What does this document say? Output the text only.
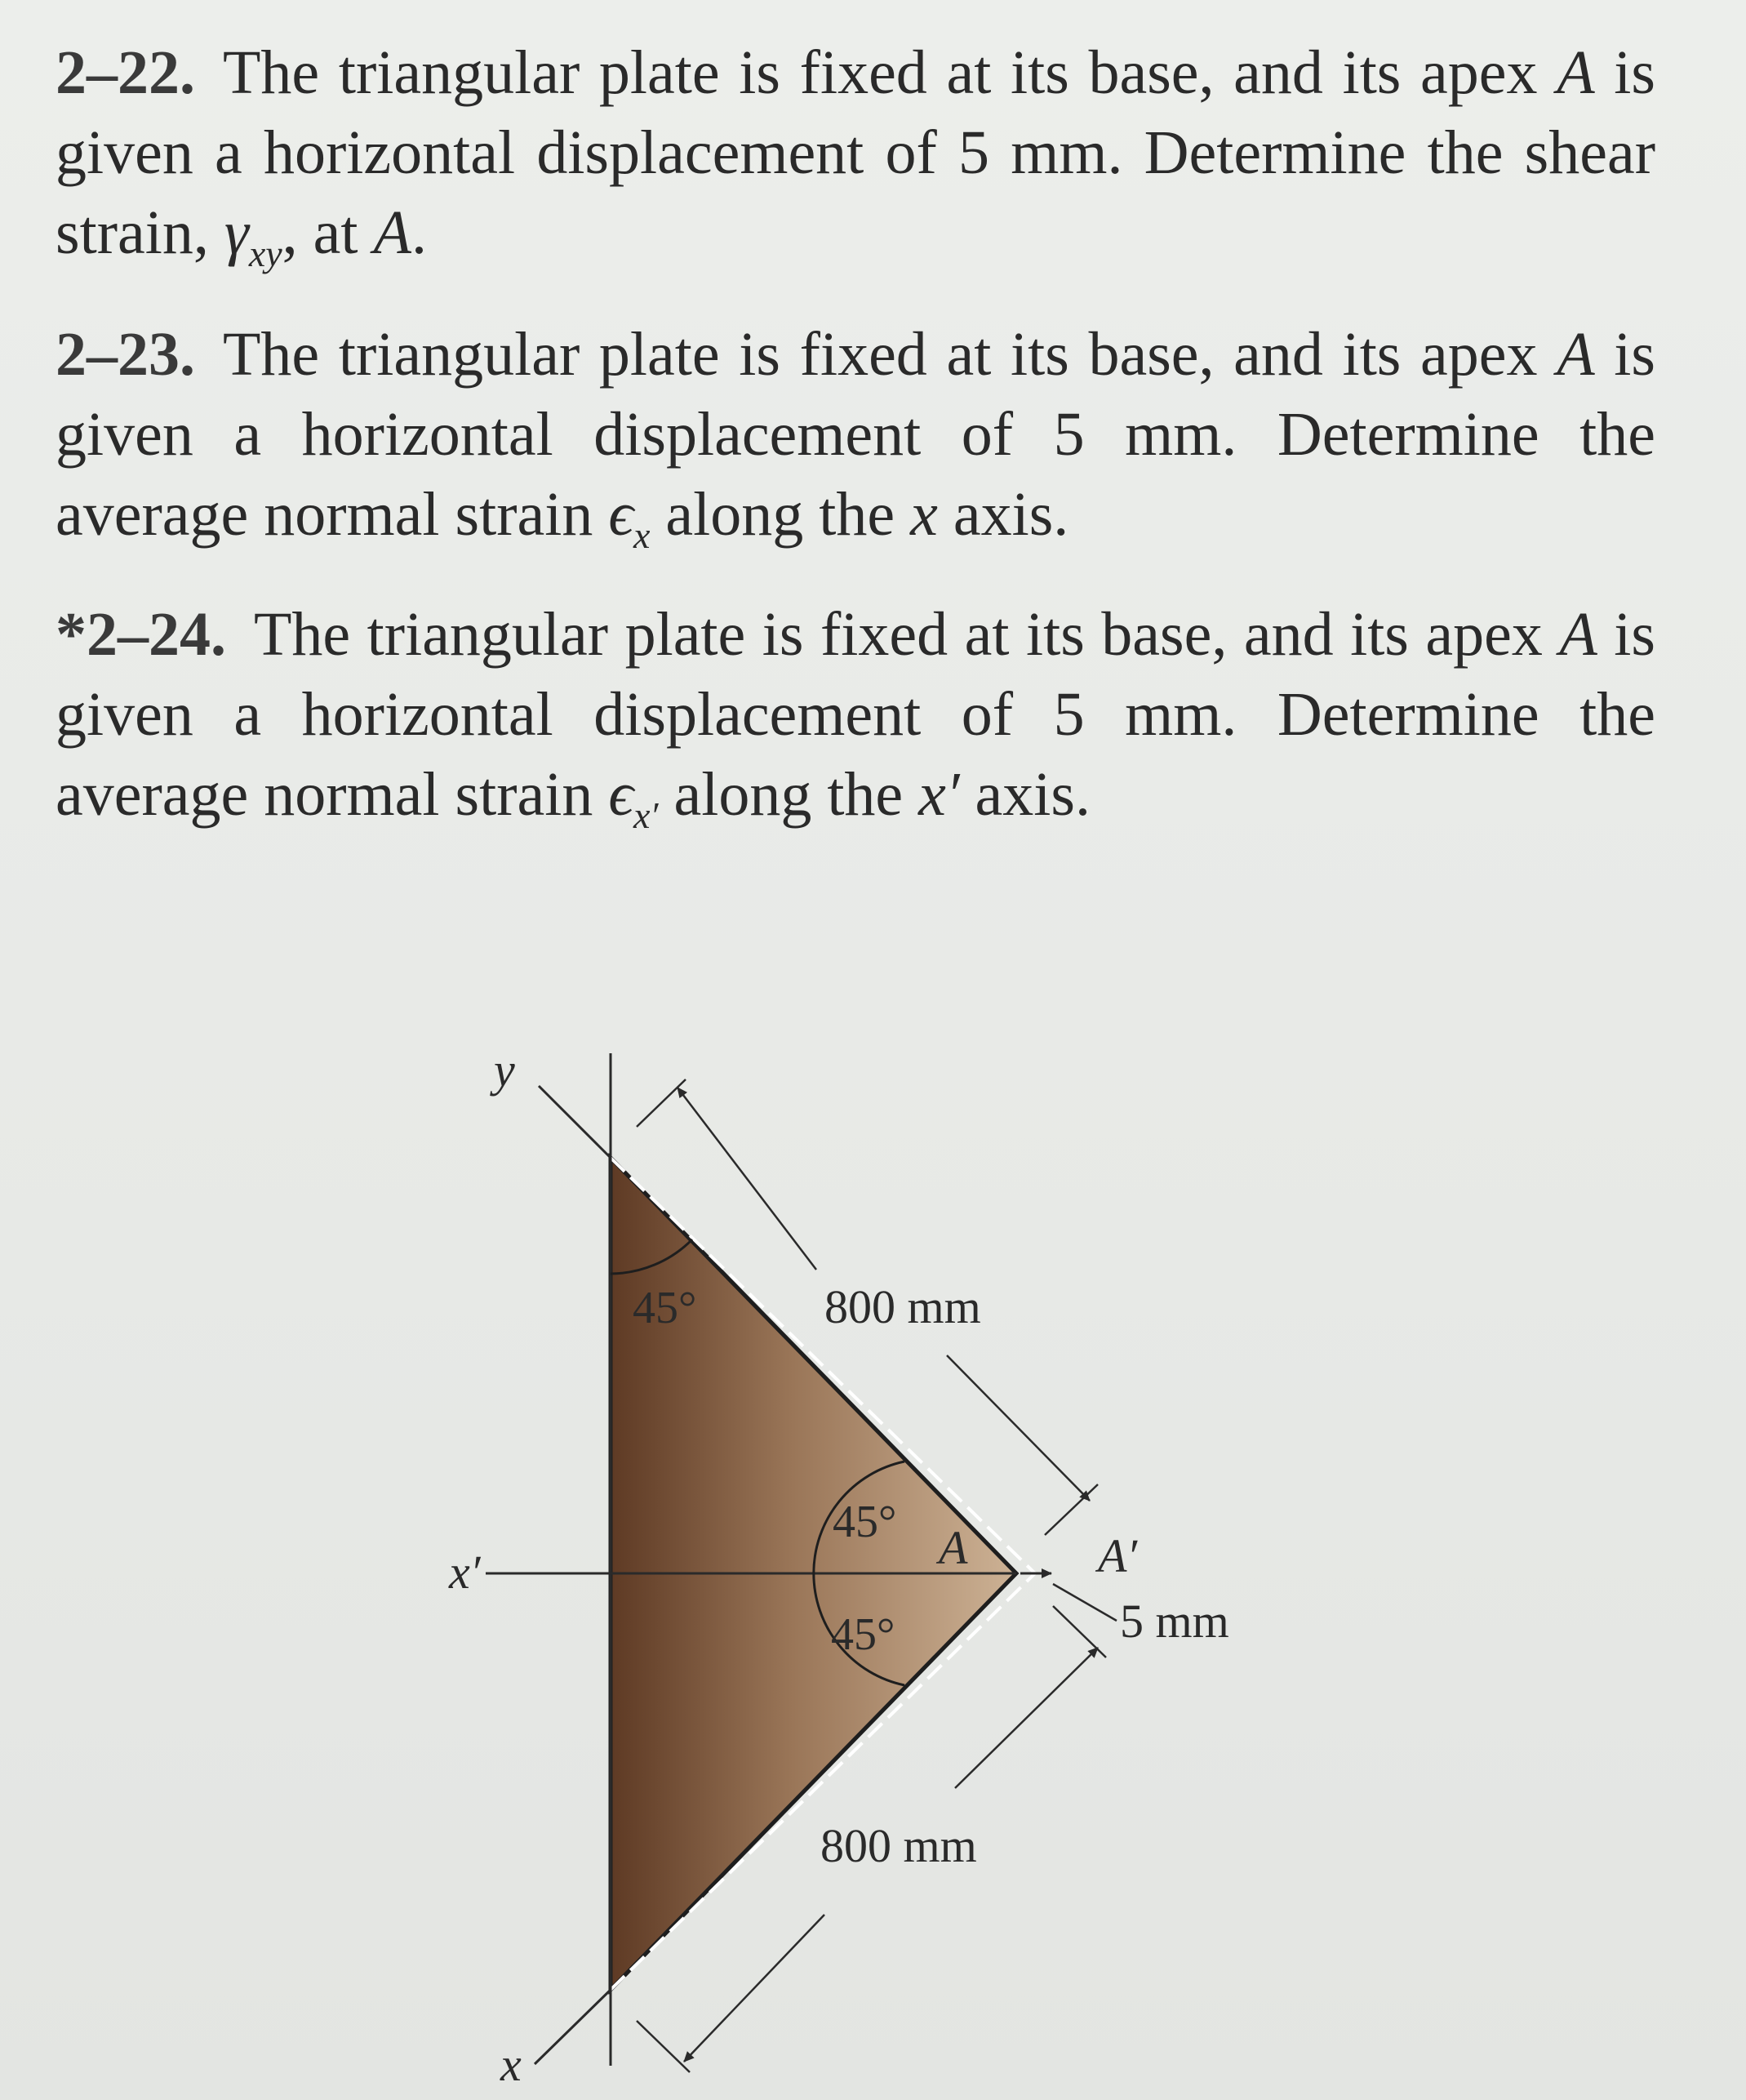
2–22. The triangular plate is fixed at its base, and its apex A is given a horizontal displacement of 5 mm. Determine the shear strain, $\gamma_{xy}$, at A.
2–23. The triangular plate is fixed at its base, and its apex A is given a horizontal displacement of 5 mm. Determine the average normal strain $\epsilon_x$ along the x axis.
*2–24. The triangular plate is fixed at its base, and its apex A is given a horizontal displacement of 5 mm. Determine the average normal strain $\epsilon_{x'}$ along the x′ axis.
y
x
x′
45°
45°
45°
A	A′
800 mm
800 mm
5 mm
